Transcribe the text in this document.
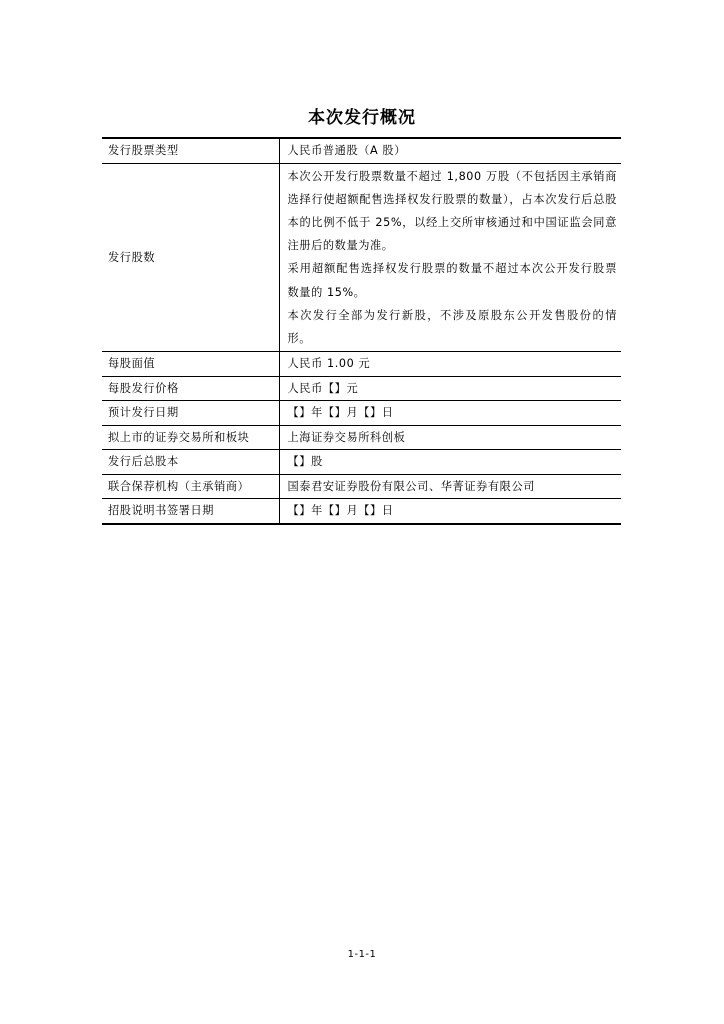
本次发行概况
发行股票类型	人民币普通股（A 股）
发行股数	本次公开发行股票数量不超过 1,800 万股（不包括因主承销商选择行使超额配售选择权发行股票的数量），占本次发行后总股本的比例不低于 25%，以经上交所审核通过和中国证监会同意注册后的数量为准。
采用超额配售选择权发行股票的数量不超过本次公开发行股票数量的 15%。
本次发行全部为发行新股，不涉及原股东公开发售股份的情形。

每股面值	人民币 1.00 元
每股发行价格	人民币【】元
预计发行日期	【】年【】月【】日
拟上市的证券交易所和板块	上海证券交易所科创板
发行后总股本	【】股
联合保荐机构（主承销商）	国泰君安证券股份有限公司、华菁证券有限公司
招股说明书签署日期	【】年【】月【】日
1-1-1
